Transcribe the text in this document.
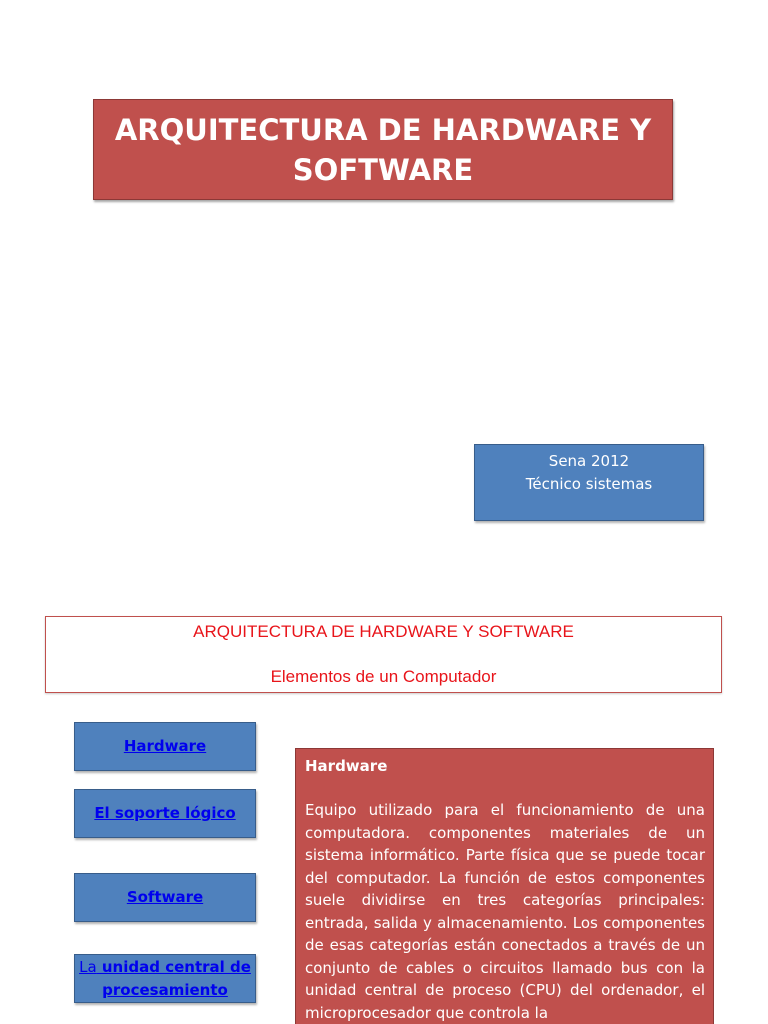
ARQUITECTURA DE HARDWARE Y SOFTWARE
Sena 2012
Técnico sistemas
ARQUITECTURA DE HARDWARE Y SOFTWARE
Elementos de un Computador
Hardware
El soporte lógico
Software
La unidad central de procesamiento
Hardware
Equipo utilizado para el funcionamiento de una computadora. componentes materiales de un sistema informático. Parte física que se puede tocar del computador. La función de estos componentes suele dividirse en tres categorías principales: entrada, salida y almacenamiento. Los componentes de esas categorías están conectados a través de un conjunto de cables o circuitos llamado bus con la unidad central de proceso (CPU) del ordenador, el microprocesador que controla la
